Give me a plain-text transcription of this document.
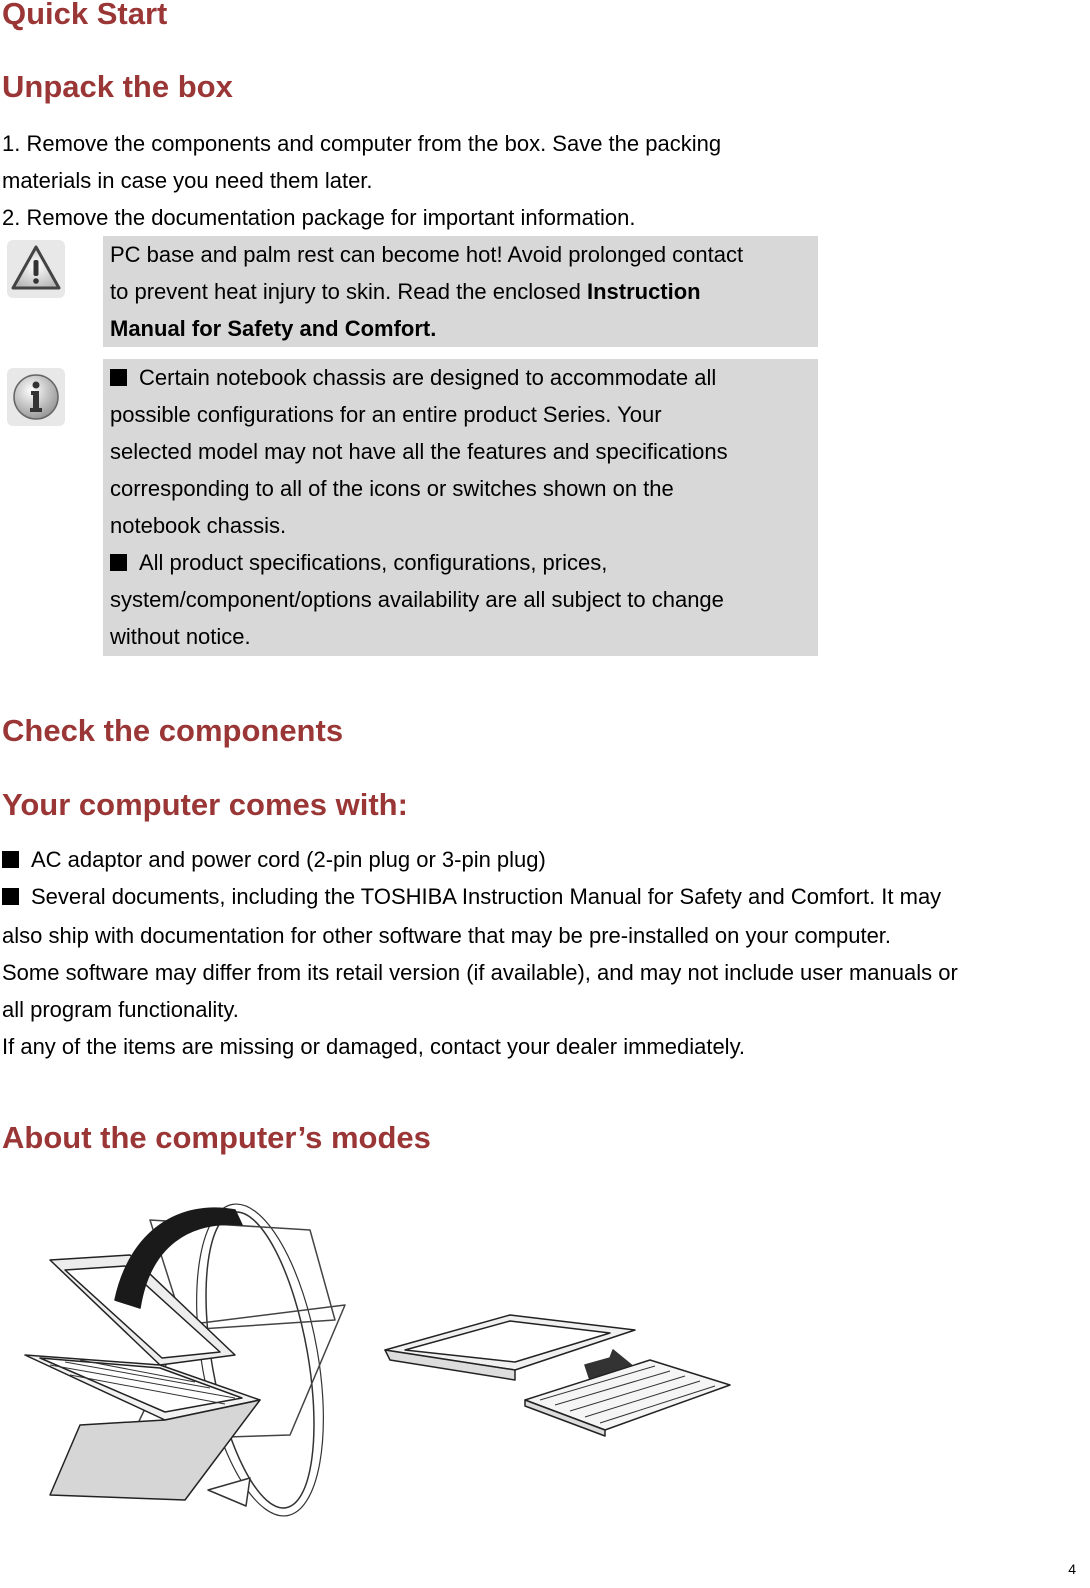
Quick Start
Unpack the box
1. Remove the components and computer from the box. Save the packing
materials in case you need them later.
2. Remove the documentation package for important information.
PC base and palm rest can become hot! Avoid prolonged contact
to prevent heat injury to skin. Read the enclosed Instruction
Manual for Safety and Comfort.
Certain notebook chassis are designed to accommodate all
possible configurations for an entire product Series. Your
selected model may not have all the features and specifications
corresponding to all of the icons or switches shown on the
notebook chassis.
All product specifications, configurations, prices,
system/component/options availability are all subject to change
without notice.
Check the components
Your computer comes with:
AC adaptor and power cord (2-pin plug or 3-pin plug)
Several documents, including the TOSHIBA Instruction Manual for Safety and Comfort. It may
also ship with documentation for other software that may be pre-installed on your computer.
Some software may differ from its retail version (if available), and may not include user manuals or
all program functionality.
If any of the items are missing or damaged, contact your dealer immediately.
About the computer’s modes
4
